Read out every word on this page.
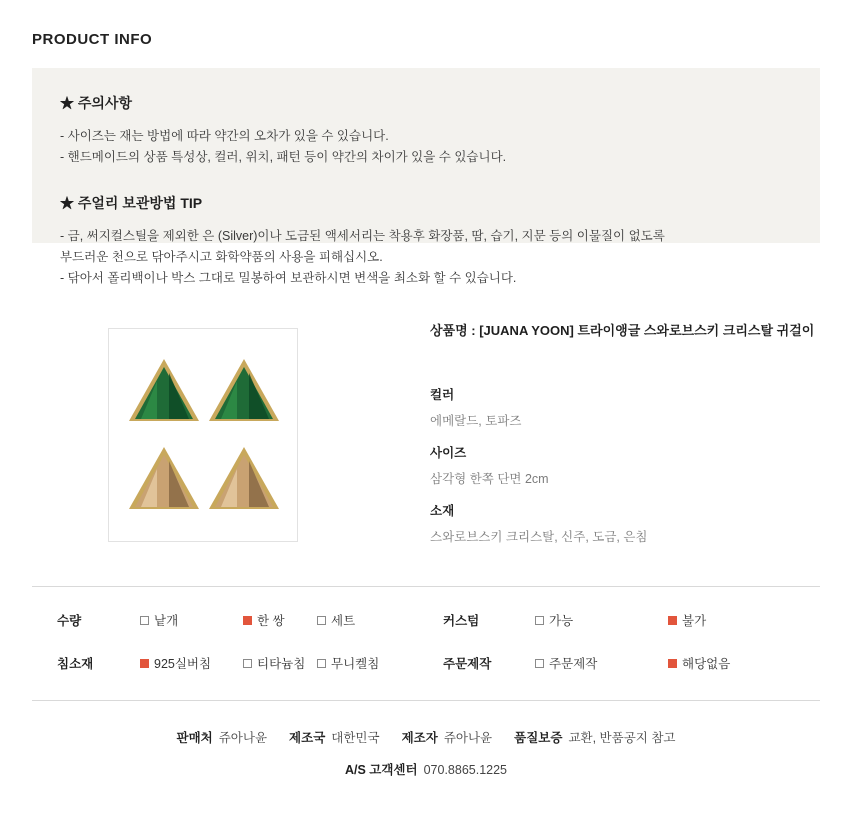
PRODUCT INFO
★ 주의사항
- 사이즈는 재는 방법에 따라 약간의 오차가 있을 수 있습니다.
- 핸드메이드의 상품 특성상, 컬러, 위치, 패턴 등이 약간의 차이가 있을 수 있습니다.
★ 주얼리 보관방법 TIP
- 금, 써지컬스틸을 제외한 은 (Silver)이나 도금된 액세서리는 착용후 화장품, 땀, 습기, 지문 등의 이물질이 없도록
부드러운 천으로 닦아주시고 화학약품의 사용을 피해십시오.
- 닦아서 폴리백이나 박스 그대로 밀봉하여 보관하시면 변색을 최소화 할 수 있습니다.
상품명 : [JUANA YOON] 트라이앵글 스와로브스키 크리스탈 귀걸이
컬러
에메랄드, 토파즈
사이즈
삼각형 한쪽 단면 2cm
소재
스와로브스키 크리스탈, 신주, 도금, 은침
수량	낱개	한 쌍	세트	커스텀	가능	불가
침소재	925실버침	티타늄침	무니켈침	주문제작	주문제작	해당없음
판매처 쥬아나윤 제조국 대한민국 제조자 쥬아나윤 품질보증 교환, 반품공지 참고
A/S 고객센터 070.8865.1225
